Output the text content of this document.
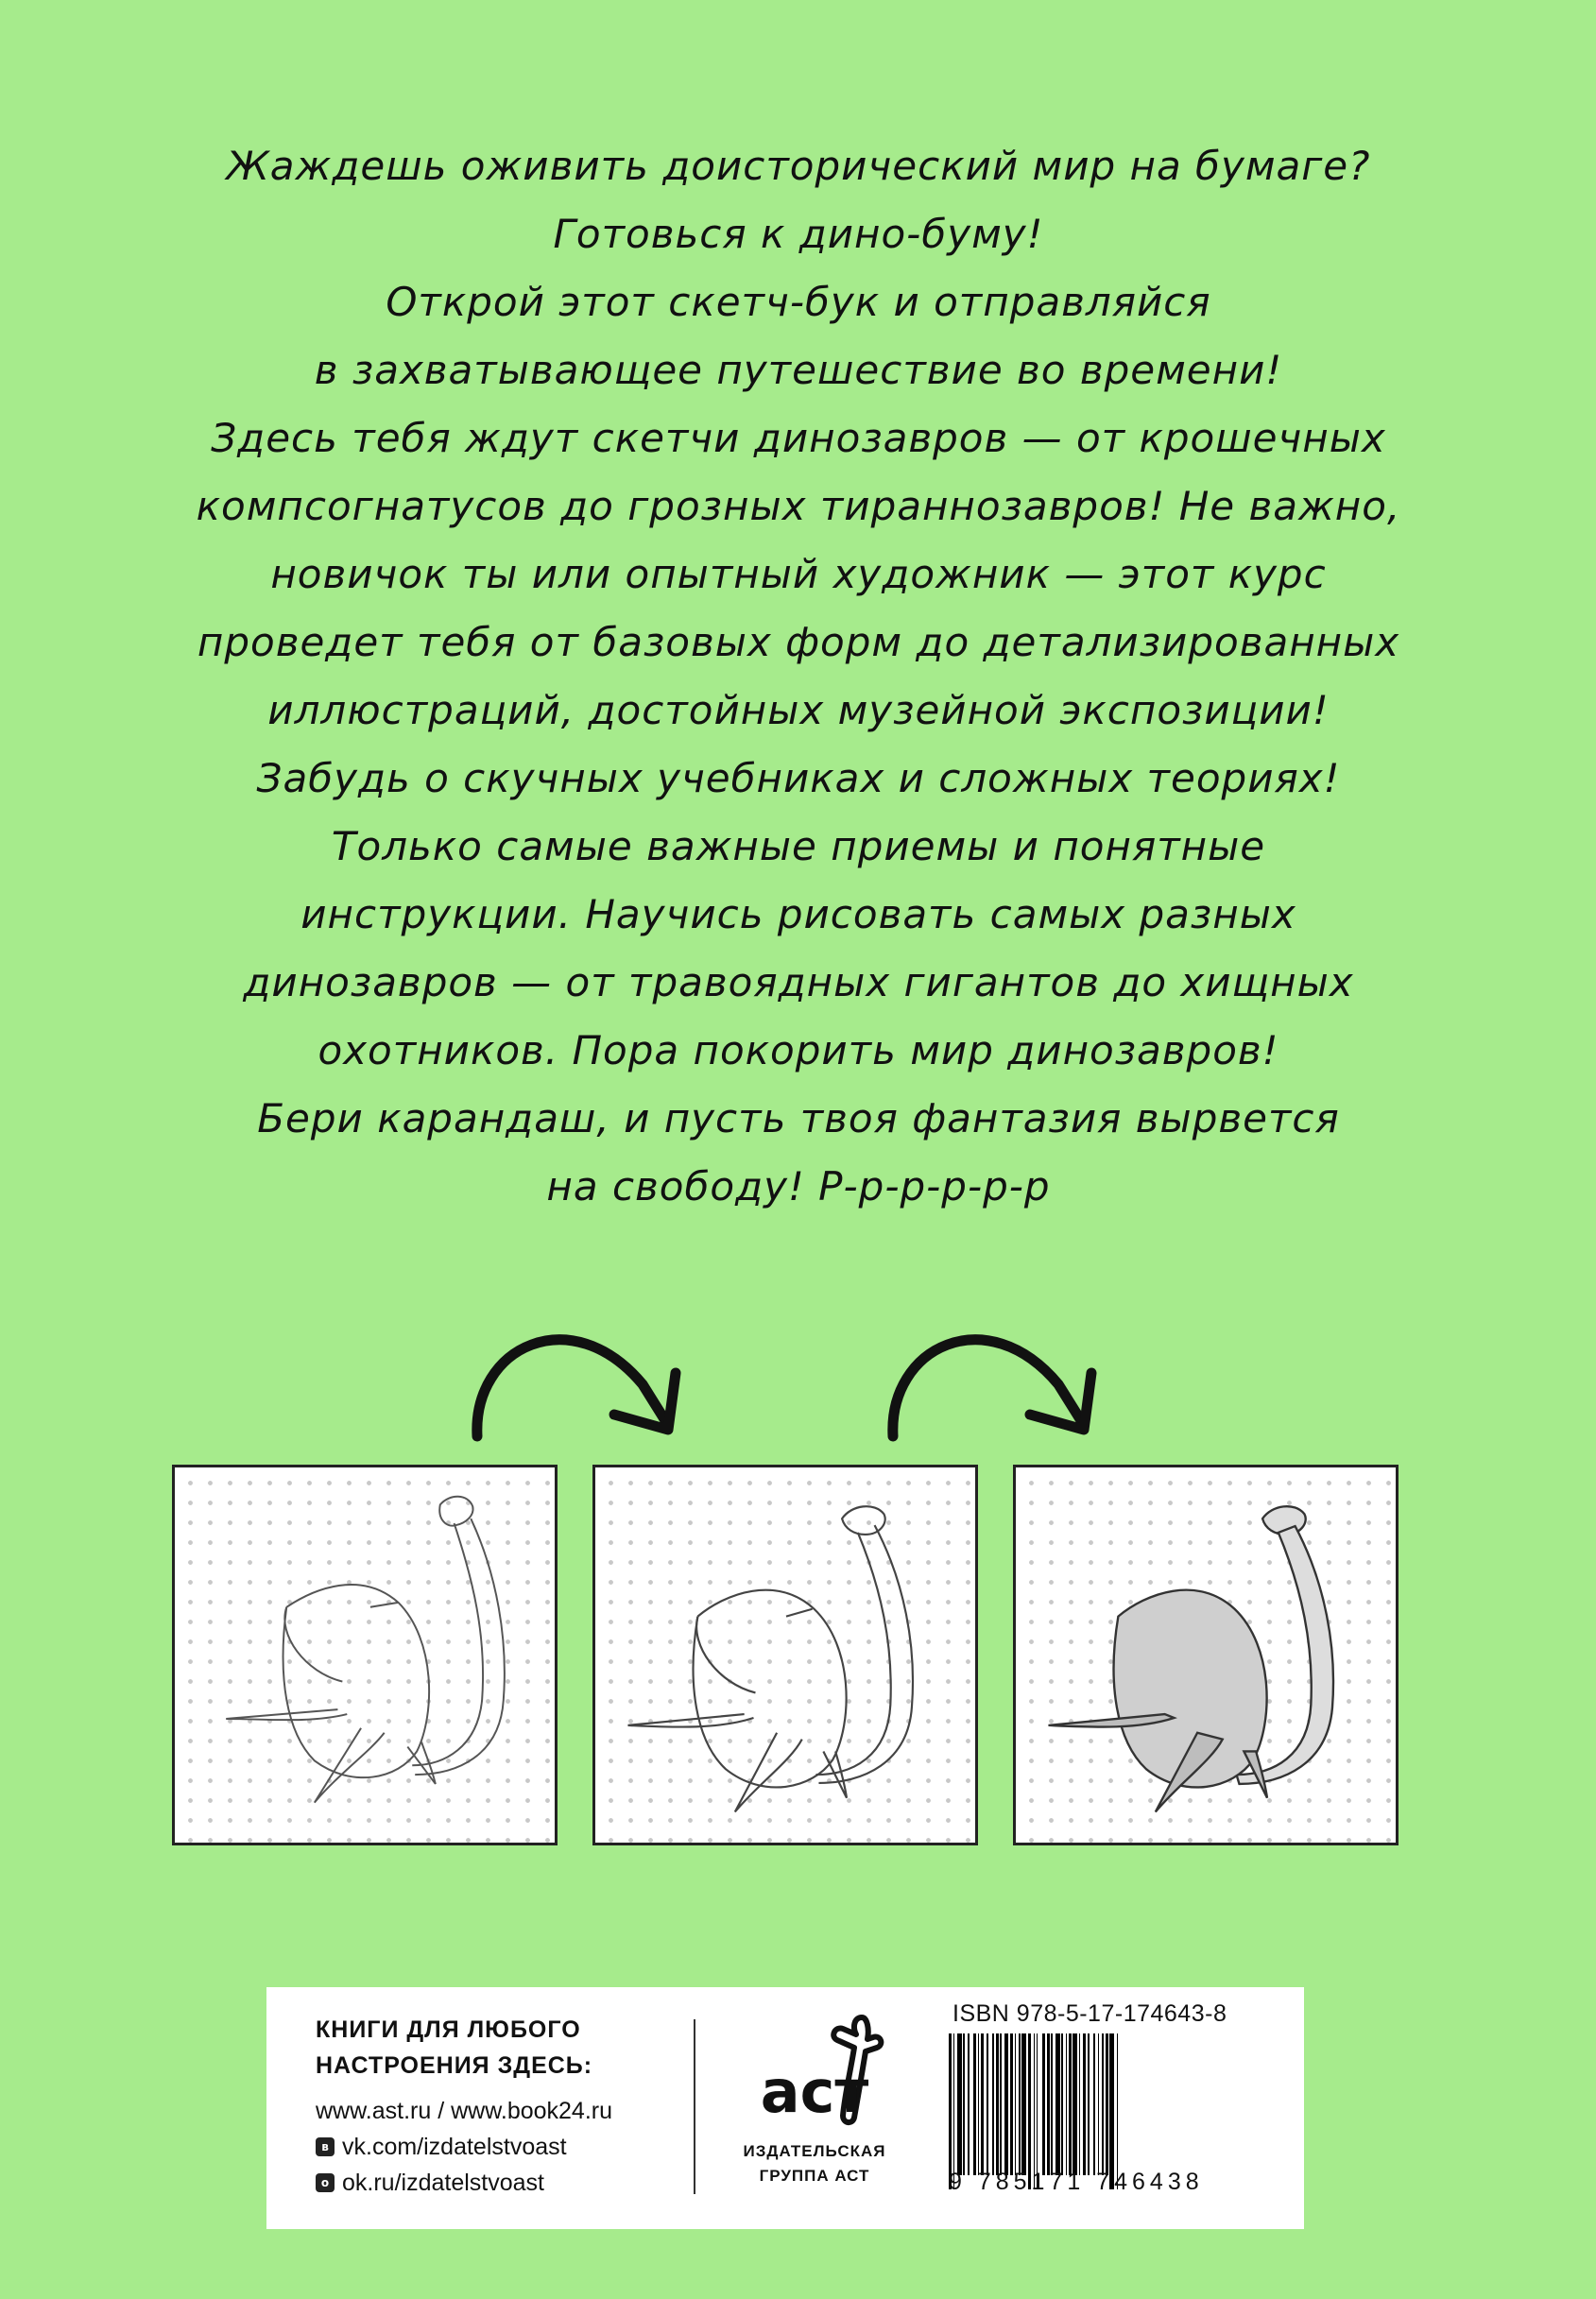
Жаждешь оживить доисторический мир на бумаге?
Готовься к дино-буму!
Открой этот скетч-бук и отправляйся
в захватывающее путешествие во времени!
Здесь тебя ждут скетчи динозавров — от крошечных
компсогнатусов до грозных тираннозавров! Не важно,
новичок ты или опытный художник — этот курс
проведет тебя от базовых форм до детализированных
иллюстраций, достойных музейной экспозиции!
Забудь о скучных учебниках и сложных теориях!
Только самые важные приемы и понятные
инструкции. Научись рисовать самых разных
динозавров — от травоядных гигантов до хищных
охотников. Пора покорить мир динозавров!
Бери карандаш, и пусть твоя фантазия вырвется
на свободу! Р-р-р-р-р-р
КНИГИ ДЛЯ ЛЮБОГО
НАСТРОЕНИЯ ЗДЕСЬ:
www.ast.ru / www.book24.ru
в vk.com/izdatelstvoast
o ok.ru/izdatelstvoast
аст
ИЗДАТЕЛЬСКАЯ
ГРУППА АСТ
ISBN 978-5-17-174643-8
9 785171 746438
